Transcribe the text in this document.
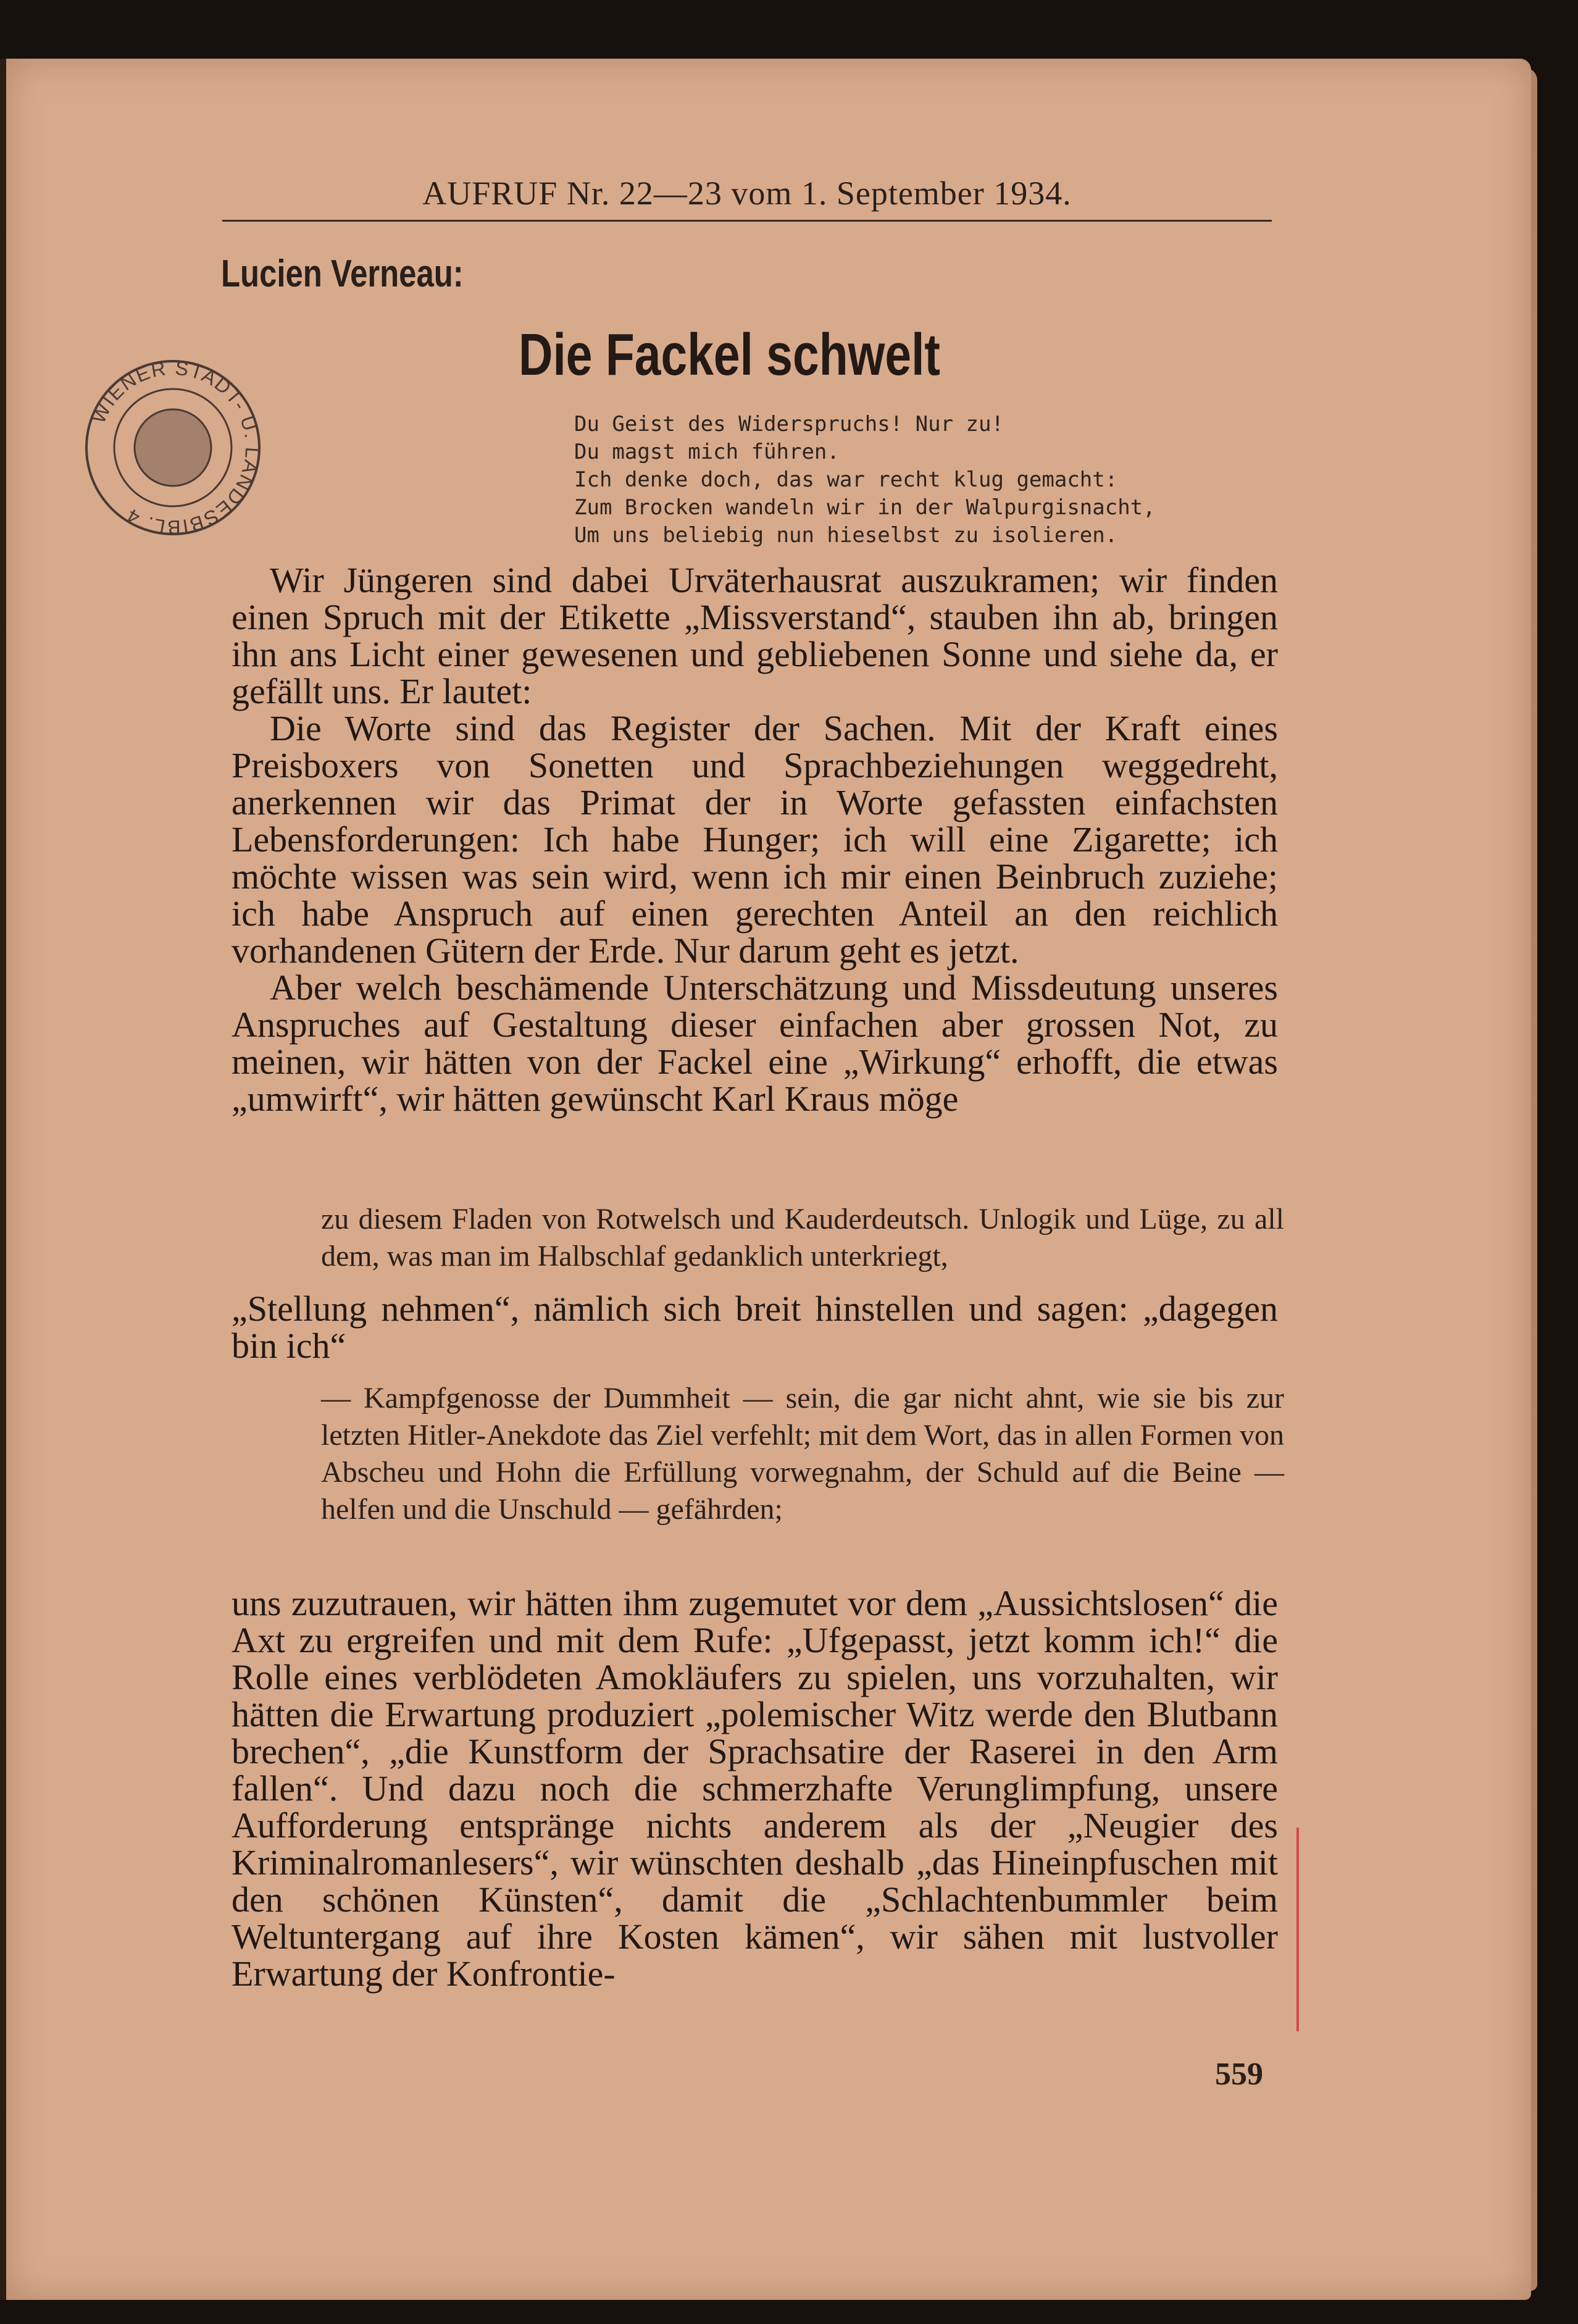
AUFRUF Nr. 22—23 vom 1. September 1934.
Lucien Verneau:
Die Fackel schwelt
WIENER STADT- U. LANDESBIBL. 4
Du Geist des Widerspruchs! Nur zu!
Du magst mich führen.
Ich denke doch, das war recht klug gemacht:
Zum Brocken wandeln wir in der Walpurgisnacht,
Um uns beliebig nun hieselbst zu isolieren.

Wir Jüngeren sind dabei Urväterhausrat auszukramen; wir finden einen Spruch mit der Etikette „Missverstand“, stauben ihn ab, bringen ihn ans Licht einer gewesenen und gebliebenen Sonne und siehe da, er gefällt uns. Er lautet:

Die Worte sind das Register der Sachen. Mit der Kraft eines Preisboxers von Sonetten und Sprachbeziehungen weggedreht, anerkennen wir das Primat der in Worte gefassten einfachsten Lebensforderungen: Ich habe Hunger; ich will eine Zigarette; ich möchte wissen was sein wird, wenn ich mir einen Beinbruch zuziehe; ich habe Anspruch auf einen gerechten Anteil an den reichlich vorhandenen Gütern der Erde. Nur darum geht es jetzt.

Aber welch beschämende Unterschätzung und Missdeutung unseres Anspruches auf Gestaltung dieser einfachen aber grossen Not, zu meinen, wir hätten von der Fackel eine „Wirkung“ erhofft, die etwas „umwirft“, wir hätten gewünscht Karl Kraus möge

zu diesem Fladen von Rotwelsch und Kauderdeutsch. Unlogik und Lüge, zu all dem, was man im Halbschlaf gedanklich unterkriegt,

„Stellung nehmen“, nämlich sich breit hinstellen und sagen: „dagegen bin ich“

— Kampfgenosse der Dummheit — sein, die gar nicht ahnt, wie sie bis zur letzten Hitler-Anekdote das Ziel verfehlt; mit dem Wort, das in allen Formen von Abscheu und Hohn die Erfüllung vorwegnahm, der Schuld auf die Beine — helfen und die Unschuld — gefährden;

uns zuzutrauen, wir hätten ihm zugemutet vor dem „Aussichtslosen“ die Axt zu ergreifen und mit dem Rufe: „Ufgepasst, jetzt komm ich!“ die Rolle eines verblödeten Amokläufers zu spielen, uns vorzuhalten, wir hätten die Erwartung produziert „polemischer Witz werde den Blutbann brechen“, „die Kunstform der Sprachsatire der Raserei in den Arm fallen“. Und dazu noch die schmerzhafte Verunglimpfung, unsere Aufforderung entspränge nichts anderem als der „Neugier des Kriminalromanlesers“, wir wünschten deshalb „das Hineinpfuschen mit den schönen Künsten“, damit die „Schlachtenbummler beim Weltuntergang auf ihre Kosten kämen“, wir sähen mit lustvoller Erwartung der Konfrontie-

559
